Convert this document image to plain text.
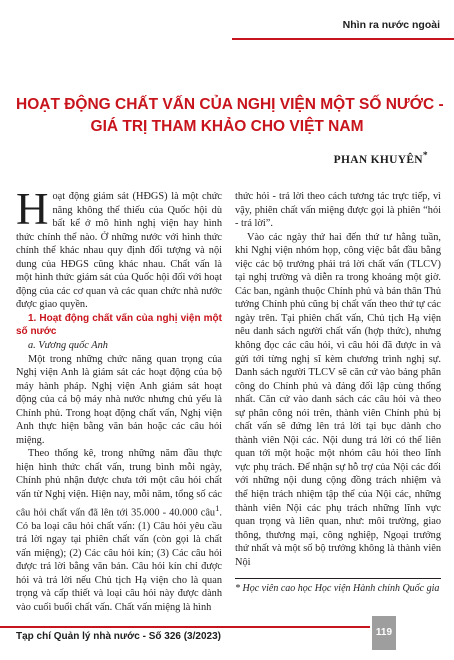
Nhìn ra nước ngoài
HOẠT ĐỘNG CHẤT VẤN CỦA NGHỊ VIỆN MỘT SỐ NƯỚC -
GIÁ TRỊ THAM KHẢO CHO VIỆT NAM
PHAN KHUYÊN*

Hoạt động giám sát (HĐGS) là một chức năng không thể thiếu của Quốc hội dù bất kể ở mô hình nghị viện hay hình thức chính thể nào. Ở những nước với hình thức chính thể khác nhau quy định đối tượng và nội dung của HĐGS cũng khác nhau. Chất vấn là một hình thức giám sát của Quốc hội đối với hoạt động của các cơ quan và các quan chức nhà nước được giao quyền.

1. Hoạt động chất vấn của nghị viện một số nước

a. Vương quốc Anh

Một trong những chức năng quan trọng của Nghị viện Anh là giám sát các hoạt động của bộ máy hành pháp. Nghị viện Anh giám sát hoạt động của cả bộ máy nhà nước nhưng chủ yếu là Chính phủ. Trong hoạt động chất vấn, Nghị viện Anh thực hiện bằng văn bản hoặc các câu hỏi miệng.

Theo thống kê, trong những năm đầu thực hiện hình thức chất vấn, trung bình mỗi ngày, Chính phủ nhận được chưa tới một câu hỏi chất vấn từ Nghị viện. Hiện nay, mỗi năm, tổng số các câu hỏi chất vấn đã lên tới 35.000 - 40.000 câu$^1$. Có ba loại câu hỏi chất vấn: (1) Câu hỏi yêu cầu trả lời ngay tại phiên chất vấn (còn gọi là chất vấn miệng); (2) Các câu hỏi kín; (3) Các câu hỏi được trả lời bằng văn bản. Câu hỏi kín chỉ được hỏi và trả lời nếu Chủ tịch Hạ viện cho là quan trọng và cấp thiết và loại câu hỏi này được dành vào cuối buổi chất vấn. Chất vấn miệng là hình

thức hỏi - trả lời theo cách tương tác trực tiếp, vì vậy, phiên chất vấn miệng được gọi là phiên “hỏi - trả lời”.

Vào các ngày thứ hai đến thứ tư hằng tuần, khi Nghị viện nhóm họp, công việc bắt đầu bằng việc các bộ trưởng phải trả lời chất vấn (TLCV) tại nghị trường và diễn ra trong khoảng một giờ. Các ban, ngành thuộc Chính phủ và bản thân Thủ tướng Chính phủ cũng bị chất vấn theo thứ tự các ngày trên. Tại phiên chất vấn, Chủ tịch Hạ viện nêu danh sách người chất vấn (hợp thức), nhưng không đọc các câu hỏi, vì câu hỏi đã được in và gửi tới từng nghị sĩ kèm chương trình nghị sự. Danh sách người TLCV sẽ căn cứ vào bảng phân công do Chính phủ và đảng đối lập cùng thống nhất. Căn cứ vào danh sách các câu hỏi và theo sự phân công nói trên, thành viên Chính phủ bị chất vấn sẽ đứng lên trả lời tại bục dành cho thành viên Nội các. Nội dung trả lời có thể liên quan tới một hoặc một nhóm câu hỏi theo lĩnh vực phụ trách. Để nhận sự hỗ trợ của Nội các đối với những nội dung cộng đồng trách nhiệm và thể hiện trách nhiệm tập thể của Nội các, những thành viên Nội các phụ trách những lĩnh vực quan trọng và liên quan, như: môi trường, giao thông, thương mại, công nghiệp, Ngoại trưởng thứ nhất và một số bộ trưởng không là thành viên Nội

* Học viên cao học Học viện Hành chính Quốc gia
Tạp chí Quản lý nhà nước - Số 326 (3/2023)	119
